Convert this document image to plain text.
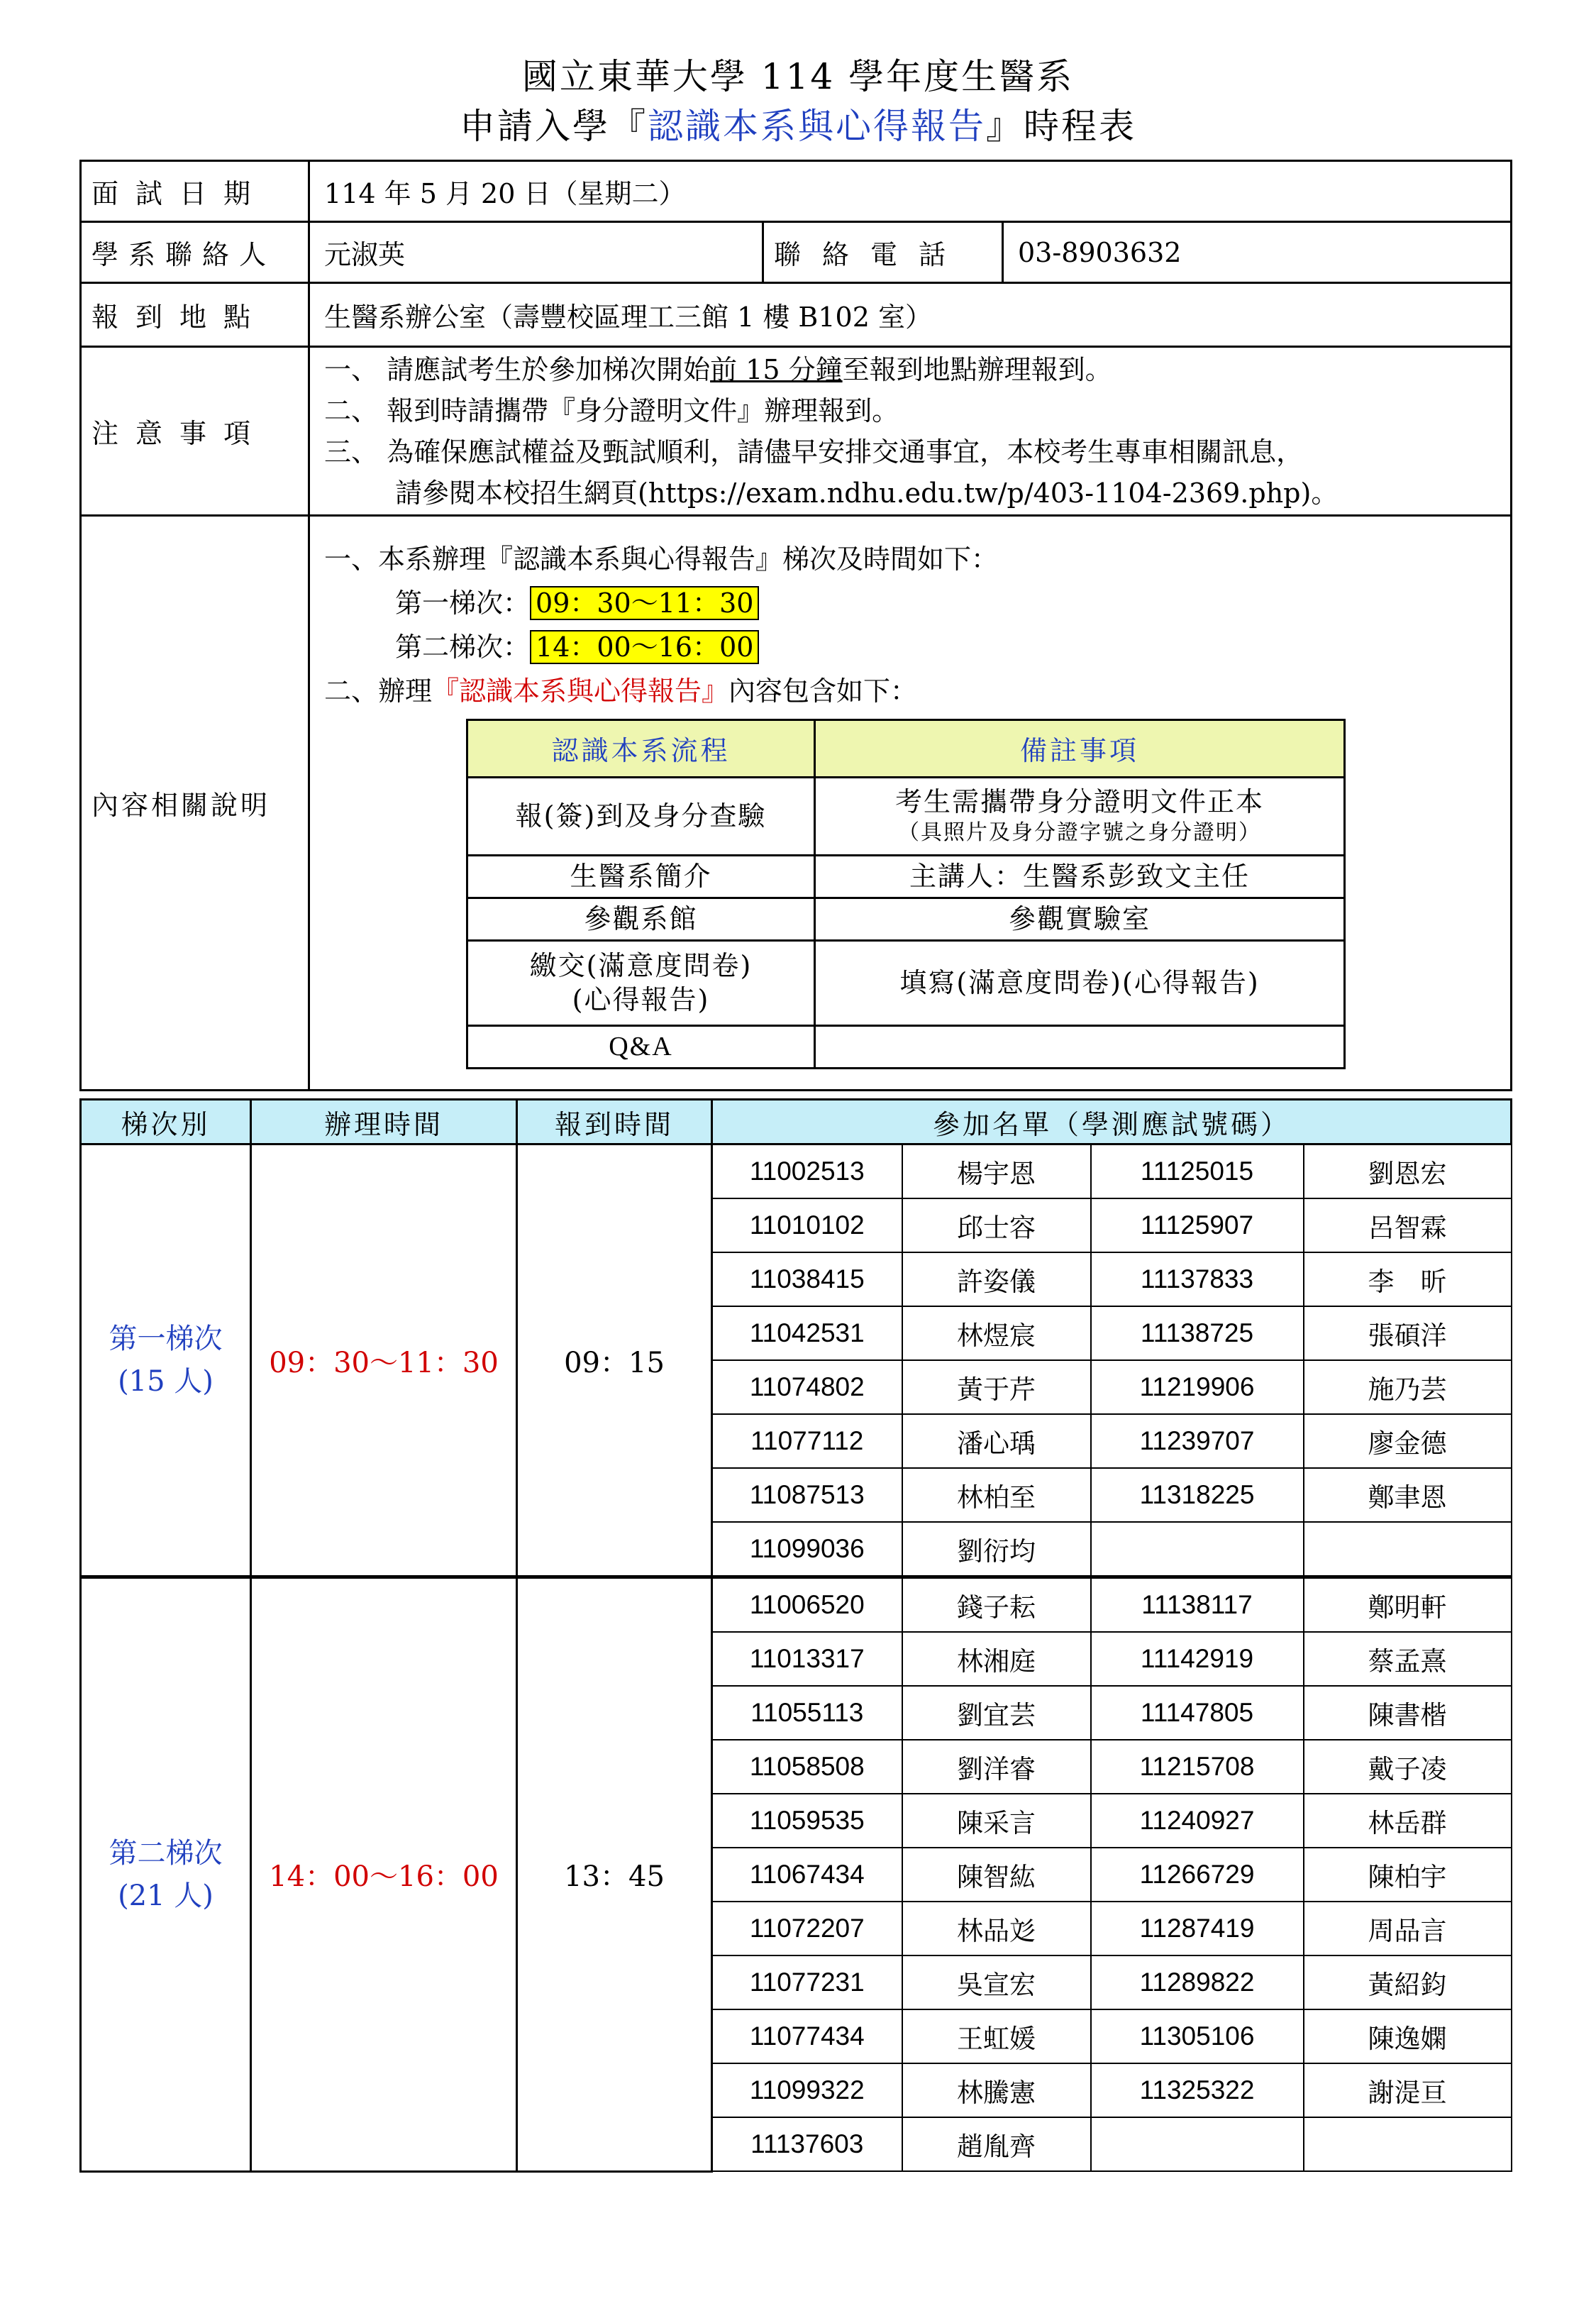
國立東華大學 114 學年度生醫系
申請入學『認識本系與心得報告』時程表
面試日期	114 年 5 月 20 日（星期二）
學系聯絡人	元淑英	聯絡電話	03-8903632
報到地點	生醫系辦公室（壽豐校區理工三館 1 樓 B102 室）
注意事項	
一、 請應試考生於參加梯次開始前 15 分鐘至報到地點辦理報到。
二、 報到時請攜帶『身分證明文件』辦理報到。
三、 為確保應試權益及甄試順利，請儘早安排交通事宜，本校考生專車相關訊息，
請參閱本校招生網頁(https://exam.ndhu.edu.tw/p/403-1104-2369.php)。

內容相關說明	
一、本系辦理『認識本系與心得報告』梯次及時間如下：
第一梯次： 09：30～11：30
第二梯次： 14：00～16：00
二、辦理『認識本系與心得報告』內容包含如下：
認識本系流程	備註事項
報(簽)到及身分查驗	考生需攜帶身分證明文件正本
（具照片及身分證字號之身分證明）

生醫系簡介	主講人：生醫系彭致文主任
參觀系館	參觀實驗室
繳交(滿意度問卷)
(心得報告)	填寫(滿意度問卷)(心得報告)
Q&A	
梯次別	辦理時間	報到時間	參加名單（學測應試號碼）			

第一梯次
(15 人)	09：30～11：30	09：15	11002513	楊宇恩	11125015	劉恩宏
			11010102	邱士容	11125907	呂智霖
			11038415	許姿儀	11137833	李　昕
			11042531	林煜宸	11138725	張碩洋
			11074802	黃于芹	11219906	施乃芸
			11077112	潘心瑀	11239707	廖金德
			11087513	林柏至	11318225	鄭聿恩
			11099036	劉衍均		

第二梯次
(21 人)	14：00～16：00	13：45	11006520	錢子耘	11138117	鄭明軒
			11013317	林湘庭	11142919	蔡孟熹
			11055113	劉宜芸	11147805	陳書楷
			11058508	劉洋睿	11215708	戴子凌
			11059535	陳采言	11240927	林岳群
			11067434	陳智紘	11266729	陳柏宇
			11072207	林品彣	11287419	周品言
			11077231	吳宣宏	11289822	黃紹鈞
			11077434	王虹媛	11305106	陳逸嫻
			11099322	林騰憲	11325322	謝湜亘
			11137603	趙胤齊		
